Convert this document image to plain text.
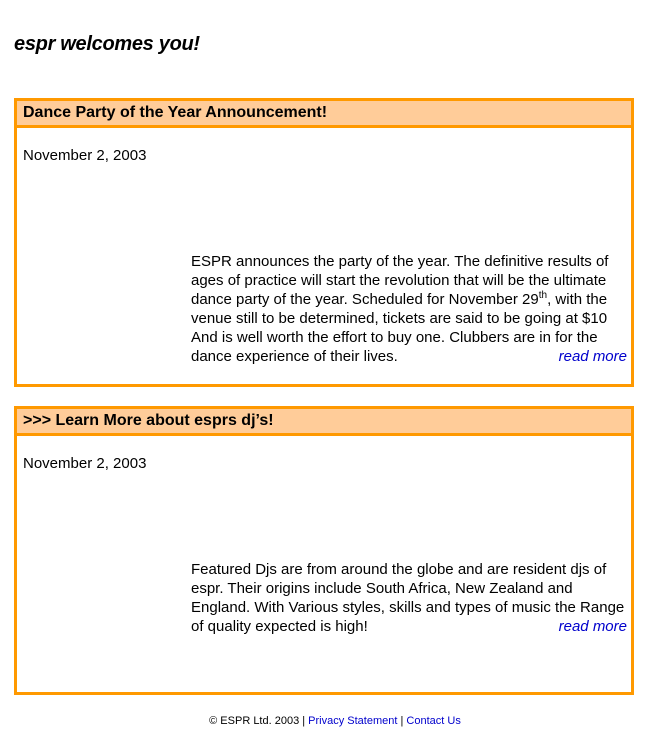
espr welcomes you!
Dance Party of the Year Announcement!
November 2, 2003
ESPR announces the party of the year. The definitive results of ages of practice will start the revolution that will be the ultimate dance party of the year. Scheduled for November 29th, with the venue still to be determined, tickets are said to be going at $10 And is well worth the effort to buy one. Clubbers are in for the dance experience of their lives.	read more
>>> Learn More about esprs dj’s!
November 2, 2003
Featured Djs are from around the globe and are resident djs of espr. Their origins include South Africa, New Zealand and England. With Various styles, skills and types of music the Range of quality expected is high!	read more
© ESPR Ltd. 2003 | Privacy Statement | Contact Us
